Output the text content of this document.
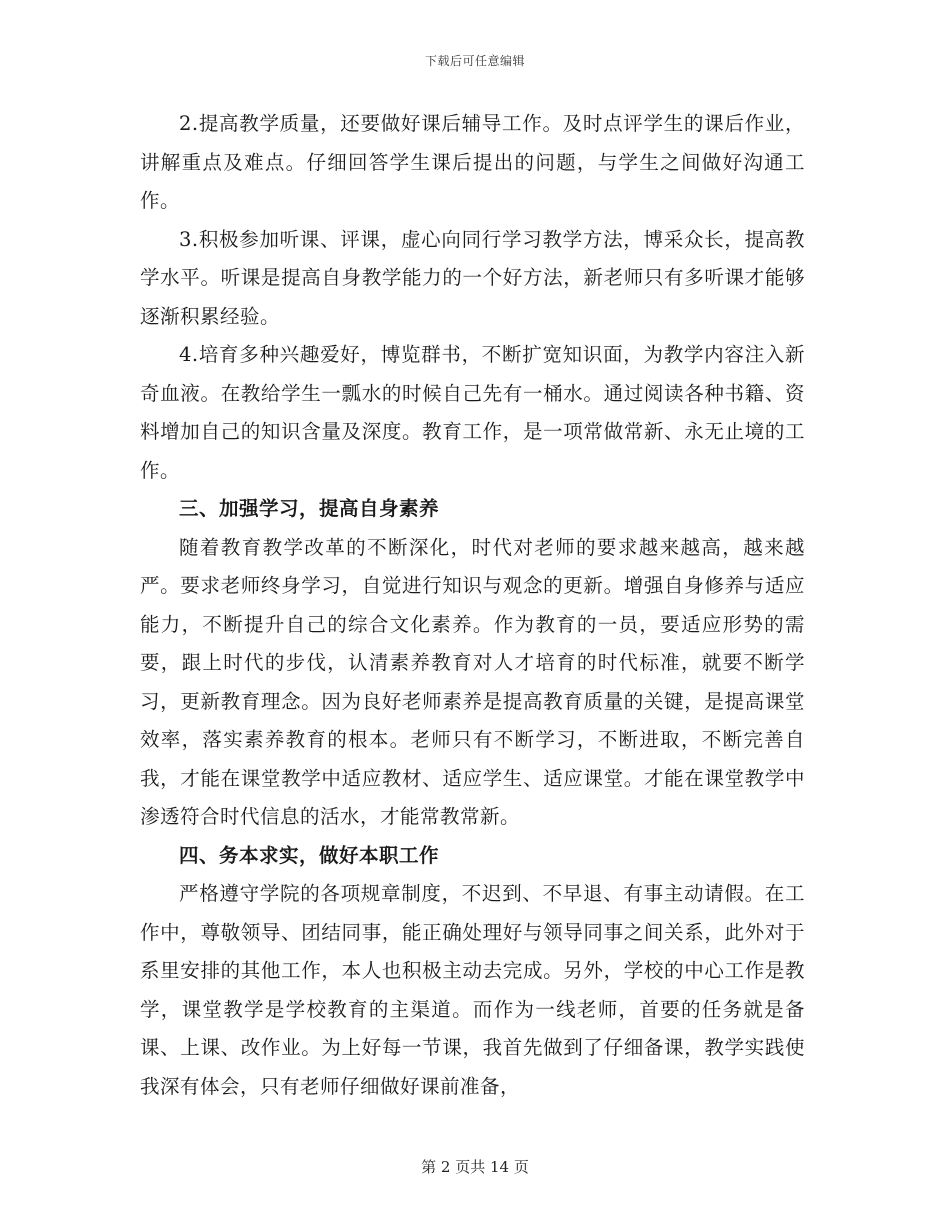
下载后可任意编辑

2.提高教学质量，还要做好课后辅导工作。及时点评学生的课后作业，讲解重点及难点。仔细回答学生课后提出的问题，与学生之间做好沟通工作。

3.积极参加听课、评课，虚心向同行学习教学方法，博采众长，提高教学水平。听课是提高自身教学能力的一个好方法，新老师只有多听课才能够逐渐积累经验。

4.培育多种兴趣爱好，博览群书，不断扩宽知识面，为教学内容注入新奇血液。在教给学生一瓢水的时候自己先有一桶水。通过阅读各种书籍、资料增加自己的知识含量及深度。教育工作，是一项常做常新、永无止境的工作。

三、加强学习，提高自身素养

随着教育教学改革的不断深化，时代对老师的要求越来越高，越来越严。要求老师终身学习，自觉进行知识与观念的更新。增强自身修养与适应能力，不断提升自己的综合文化素养。作为教育的一员，要适应形势的需要，跟上时代的步伐，认清素养教育对人才培育的时代标准，就要不断学习，更新教育理念。因为良好老师素养是提高教育质量的关键，是提高课堂效率，落实素养教育的根本。老师只有不断学习，不断进取，不断完善自我，才能在课堂教学中适应教材、适应学生、适应课堂。才能在课堂教学中渗透符合时代信息的活水，才能常教常新。

四、务本求实，做好本职工作

严格遵守学院的各项规章制度，不迟到、不早退、有事主动请假。在工作中，尊敬领导、团结同事，能正确处理好与领导同事之间关系，此外对于系里安排的其他工作，本人也积极主动去完成。另外，学校的中心工作是教学，课堂教学是学校教育的主渠道。而作为一线老师，首要的任务就是备课、上课、改作业。为上好每一节课，我首先做到了仔细备课，教学实践使我深有体会，只有老师仔细做好课前准备，

第 2 页共 14 页
